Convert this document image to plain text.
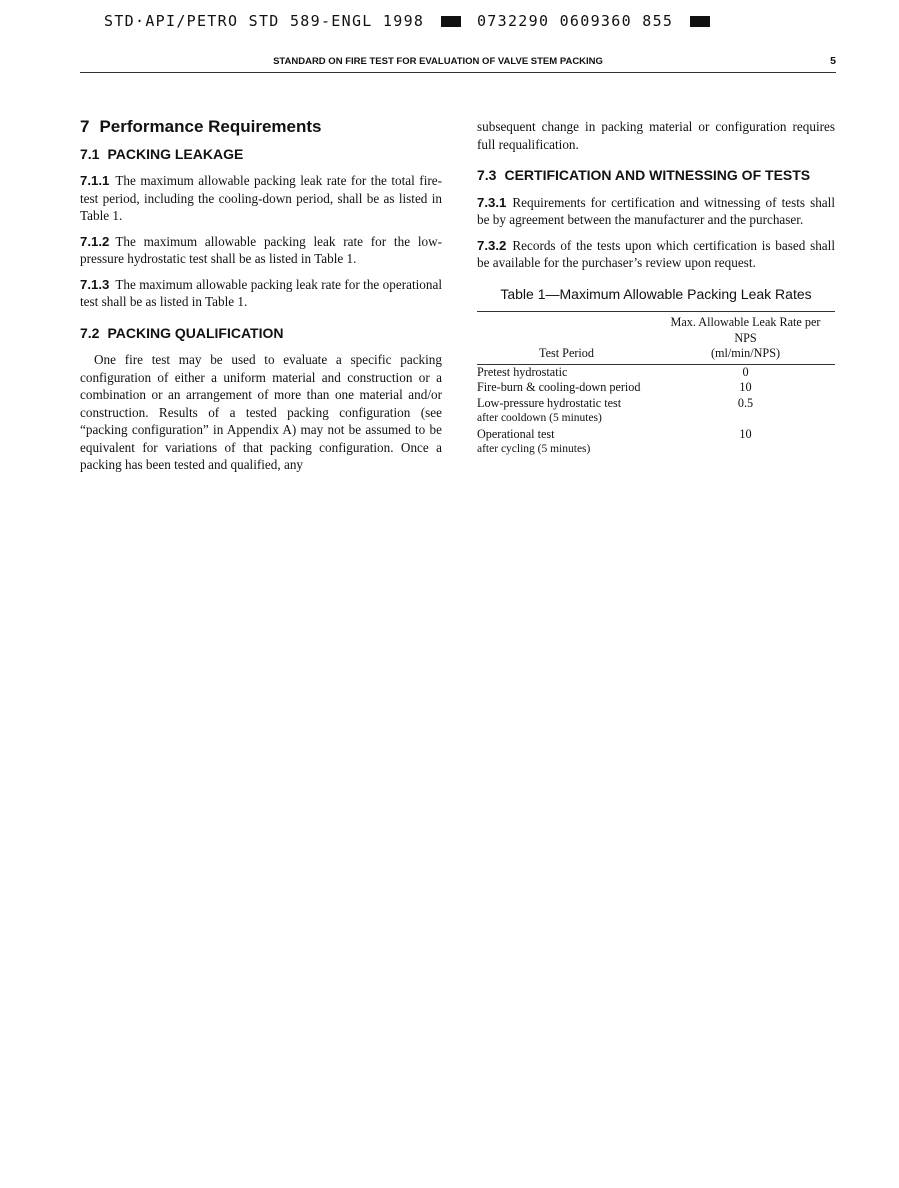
STD·API/PETRO STD 589-ENGL 1998	0732290 0609360 855
STANDARD ON FIRE TEST FOR EVALUATION OF VALVE STEM PACKING	5
7 Performance Requirements
7.1 PACKING LEAKAGE

7.1.1 The maximum allowable packing leak rate for the total fire-test period, including the cooling-down period, shall be as listed in Table 1.

7.1.2 The maximum allowable packing leak rate for the low-pressure hydrostatic test shall be as listed in Table 1.

7.1.3 The maximum allowable packing leak rate for the operational test shall be as listed in Table 1.

7.2 PACKING QUALIFICATION

One fire test may be used to evaluate a specific packing configuration of either a uniform material and construction or a combination or an arrangement of more than one material and/or construction. Results of a tested packing configuration (see “packing configuration” in Appendix A) may not be assumed to be equivalent for variations of that packing configuration. Once a packing has been tested and qualified, any

subsequent change in packing material or configuration requires full requalification.

7.3 CERTIFICATION AND WITNESSING OF TESTS

7.3.1 Requirements for certification and witnessing of tests shall be by agreement between the manufacturer and the purchaser.

7.3.2 Records of the tests upon which certification is based shall be available for the purchaser’s review upon request.

Table 1—Maximum Allowable Packing Leak Rates
Test Period	Max. Allowable Leak Rate per
NPS
(ml/min/NPS)

Pretest hydrostatic	0

Fire-burn & cooling-down period	10

Low-pressure hydrostatic test
after cooldown (5 minutes)	0.5

Operational test
after cycling (5 minutes)	10
